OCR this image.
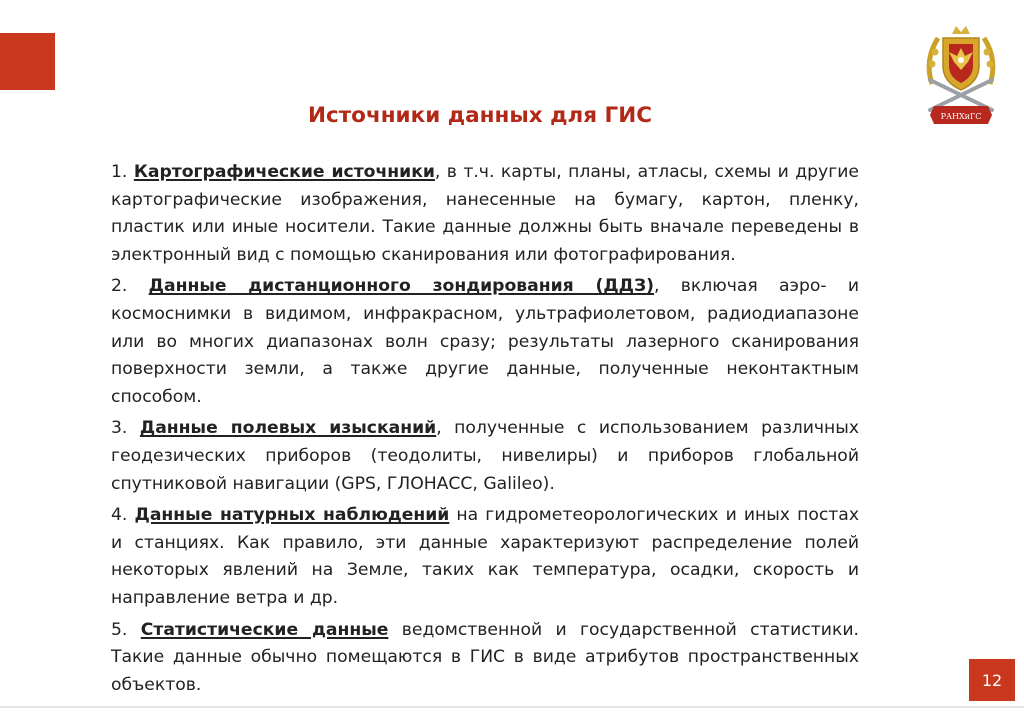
РАНХиГС
Источники данных для ГИС

1. Картографические источники, в т.ч. карты, планы, атласы, схемы и другие картографические изображения, нанесенные на бумагу, картон, пленку, пластик или иные носители. Такие данные должны быть вначале переведены в электронный вид с помощью сканирования или фотографирования.

2. Данные дистанционного зондирования (ДДЗ), включая аэро- и космоснимки в видимом, инфракрасном, ультрафиолетовом, радиодиапазоне или во многих диапазонах волн сразу; результаты лазерного сканирования поверхности земли, а также другие данные, полученные неконтактным способом.

3. Данные полевых изысканий, полученные с использованием различных геодезических приборов (теодолиты, нивелиры) и приборов глобальной спутниковой навигации (GPS, ГЛОНАСС, Galileo).

4. Данные натурных наблюдений на гидрометеорологических и иных постах и станциях. Как правило, эти данные характеризуют распределение полей некоторых явлений на Земле, таких как температура, осадки, скорость и направление ветра и др.

5. Статистические данные ведомственной и государственной статистики. Такие данные обычно помещаются в ГИС в виде атрибутов пространственных объектов.	12
